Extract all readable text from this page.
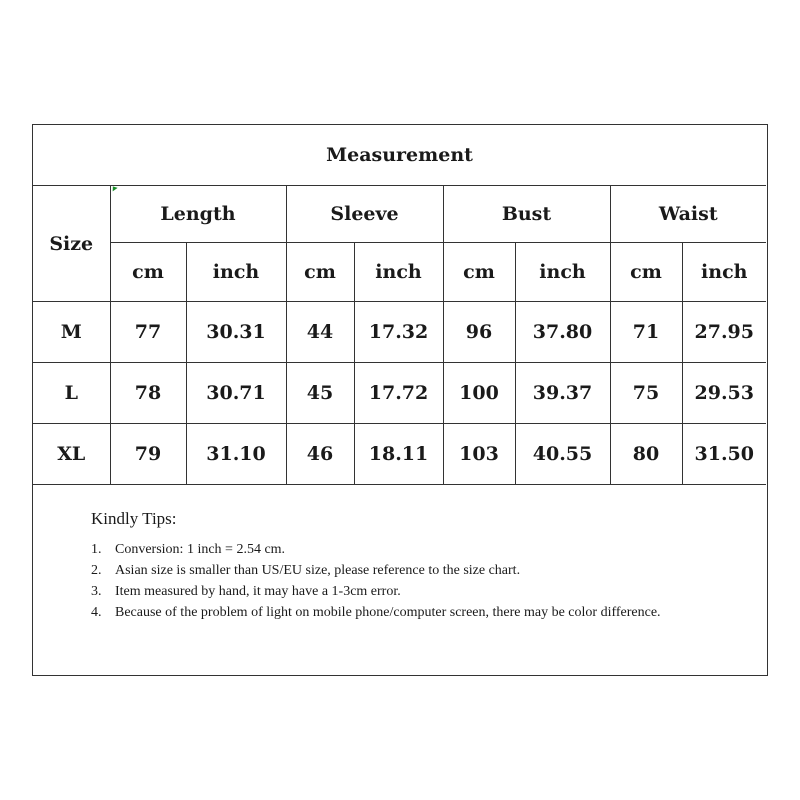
Measurement								
Size	Length		Sleeve		Bust		Waist	
	cm	inch	cm	inch	cm	inch	cm	inch
M	77	30.31	44	17.32	96	37.80	71	27.95
L	78	30.71	45	17.72	100	39.37	75	29.53
XL	79	31.10	46	18.11	103	40.55	80	31.50
Kindly Tips:
1. Conversion: 1 inch = 2.54 cm.
2. Asian size is smaller than US/EU size, please reference to the size chart.
3. Item measured by hand, it may have a 1-3cm error.
4. Because of the problem of light on mobile phone/computer screen, there may be color difference.
